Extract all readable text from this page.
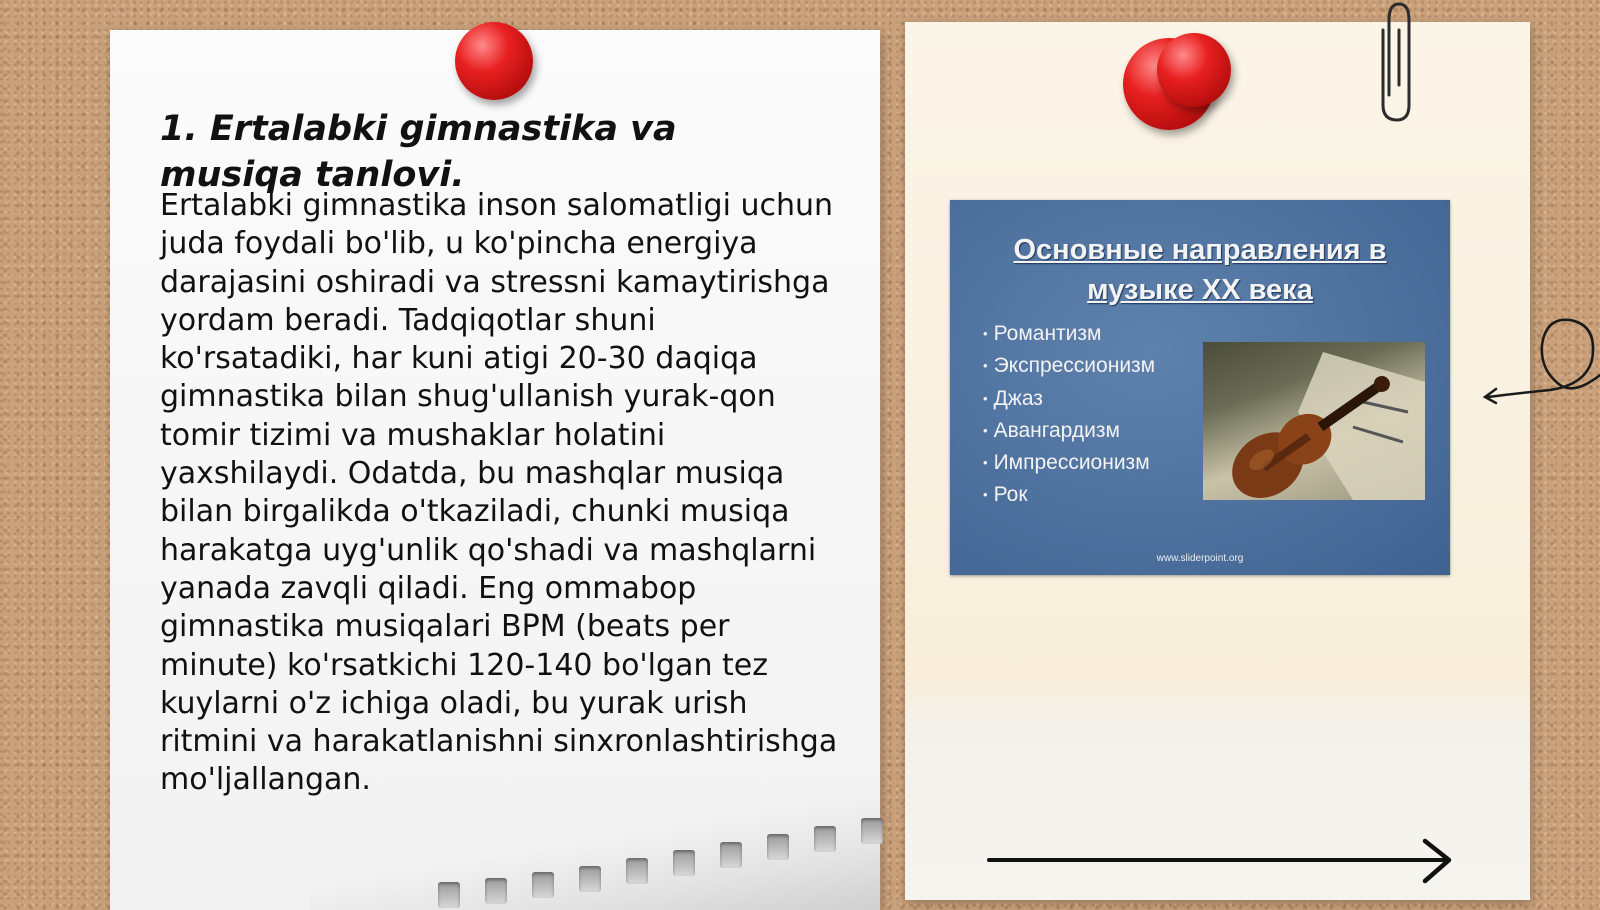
1. Ertalabki gimnastika va musiqa tanlovi.

Ertalabki gimnastika inson salomatligi uchun juda foydali bo'lib, u ko'pincha energiya darajasini oshiradi va stressni kamaytirishga yordam beradi. Tadqiqotlar shuni ko'rsatadiki, har kuni atigi 20-30 daqiqa gimnastika bilan shug'ullanish yurak-qon tomir tizimi va mushaklar holatini yaxshilaydi. Odatda, bu mashqlar musiqa bilan birgalikda o'tkaziladi, chunki musiqa harakatga uyg'unlik qo'shadi va mashqlarni yanada zavqli qiladi. Eng ommabop gimnastika musiqalari BPM (beats per minute) ko'rsatkichi 120-140 bo'lgan tez kuylarni o'z ichiga oladi, bu yurak urish ritmini va harakatlanishni sinxronlashtirishga mo'ljallangan.

Основные направления в музыке XX века
• Романтизм
• Экспрессионизм
• Джаз
• Авангардизм
• Импрессионизм
• Рок

www.sliderpoint.org
